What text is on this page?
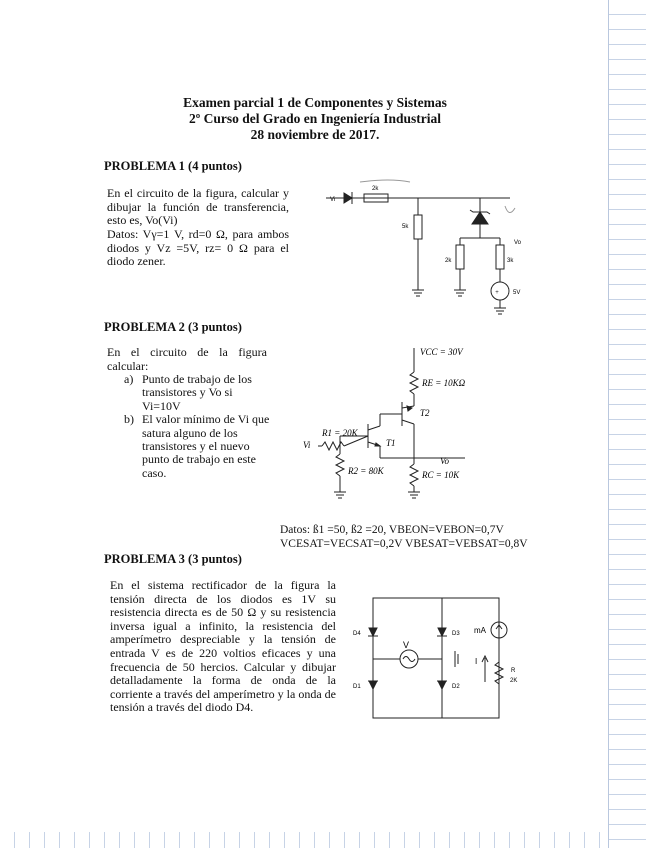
Examen parcial 1 de Componentes y Sistemas
2º Curso del Grado en Ingeniería Industrial
28 noviembre de 2017.
PROBLEMA 1 (4 puntos)
En el circuito de la figura, calcular y dibujar la función de transferencia, esto es, Vo(Vi)
Datos: Vγ=1 V, rd=0 Ω, para ambos diodos y Vz =5V, rz= 0 Ω para el diodo zener.
+
Vi
2k
5k
2k	3k
Vo
5V
PROBLEMA 2 (3 puntos)
En el circuito de la figura calcular:
a) Punto de trabajo de los transistores y Vo si Vi=10V
b) El valor mínimo de Vi que satura alguno de los transistores y el nuevo punto de trabajo en este caso.
VCC = 30V
RE = 10KΩ
T2
R1 = 20K
T1
Vi
Vo
R2 = 80K	RC = 10K
Datos: ß1 =50, ß2 =20, VBEON=VEBON=0,7V
VCESAT=VECSAT=0,2V VBESAT=VEBSAT=0,8V
PROBLEMA 3 (3 puntos)
En el sistema rectificador de la figura la tensión directa de los diodos es 1V su resistencia directa es de 50 Ω y su resistencia inversa igual a infinito, la resistencia del amperímetro despreciable y la tensión de entrada V es de 220 voltios eficaces y una frecuencia de 50 hercios. Calcular y dibujar detalladamente la forma de onda de la corriente a través del amperímetro y la onda de tensión a través del diodo D4.
D4	D3
D1	D2
V
mA
I
R
2K
